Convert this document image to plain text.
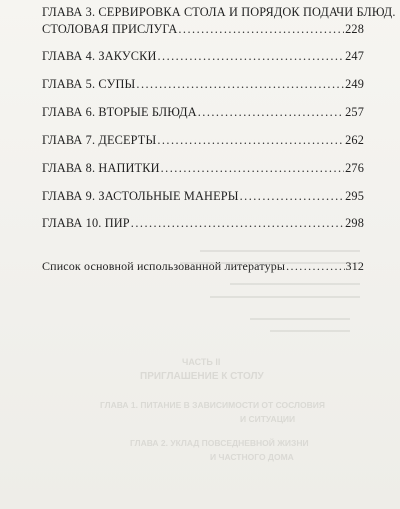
ЧАСТЬ II
ПРИГЛАШЕНИЕ К СТОЛУ
ГЛАВА 1. ПИТАНИЕ В ЗАВИСИМОСТИ ОТ СОСЛОВИЯ
И СИТУАЦИИ
ГЛАВА 2. УКЛАД ПОВСЕДНЕВНОЙ ЖИЗНИ
И ЧАСТНОГО ДОМА
ГЛАВА 3. СЕРВИРОВКА СТОЛА И ПОРЯДОК ПОДАЧИ БЛЮД.
СТОЛОВАЯ ПРИСЛУГА . . .	228
ГЛАВА 4. ЗАКУСКИ . . .	247
ГЛАВА 5. СУПЫ . . .	249
ГЛАВА 6. ВТОРЫЕ БЛЮДА . . .	257
ГЛАВА 7. ДЕСЕРТЫ . . .	262
ГЛАВА 8. НАПИТКИ . . .	276
ГЛАВА 9. ЗАСТОЛЬНЫЕ МАНЕРЫ . . .	295
ГЛАВА 10. ПИР . . .	298
Список основной использованной литературы . . .	312
